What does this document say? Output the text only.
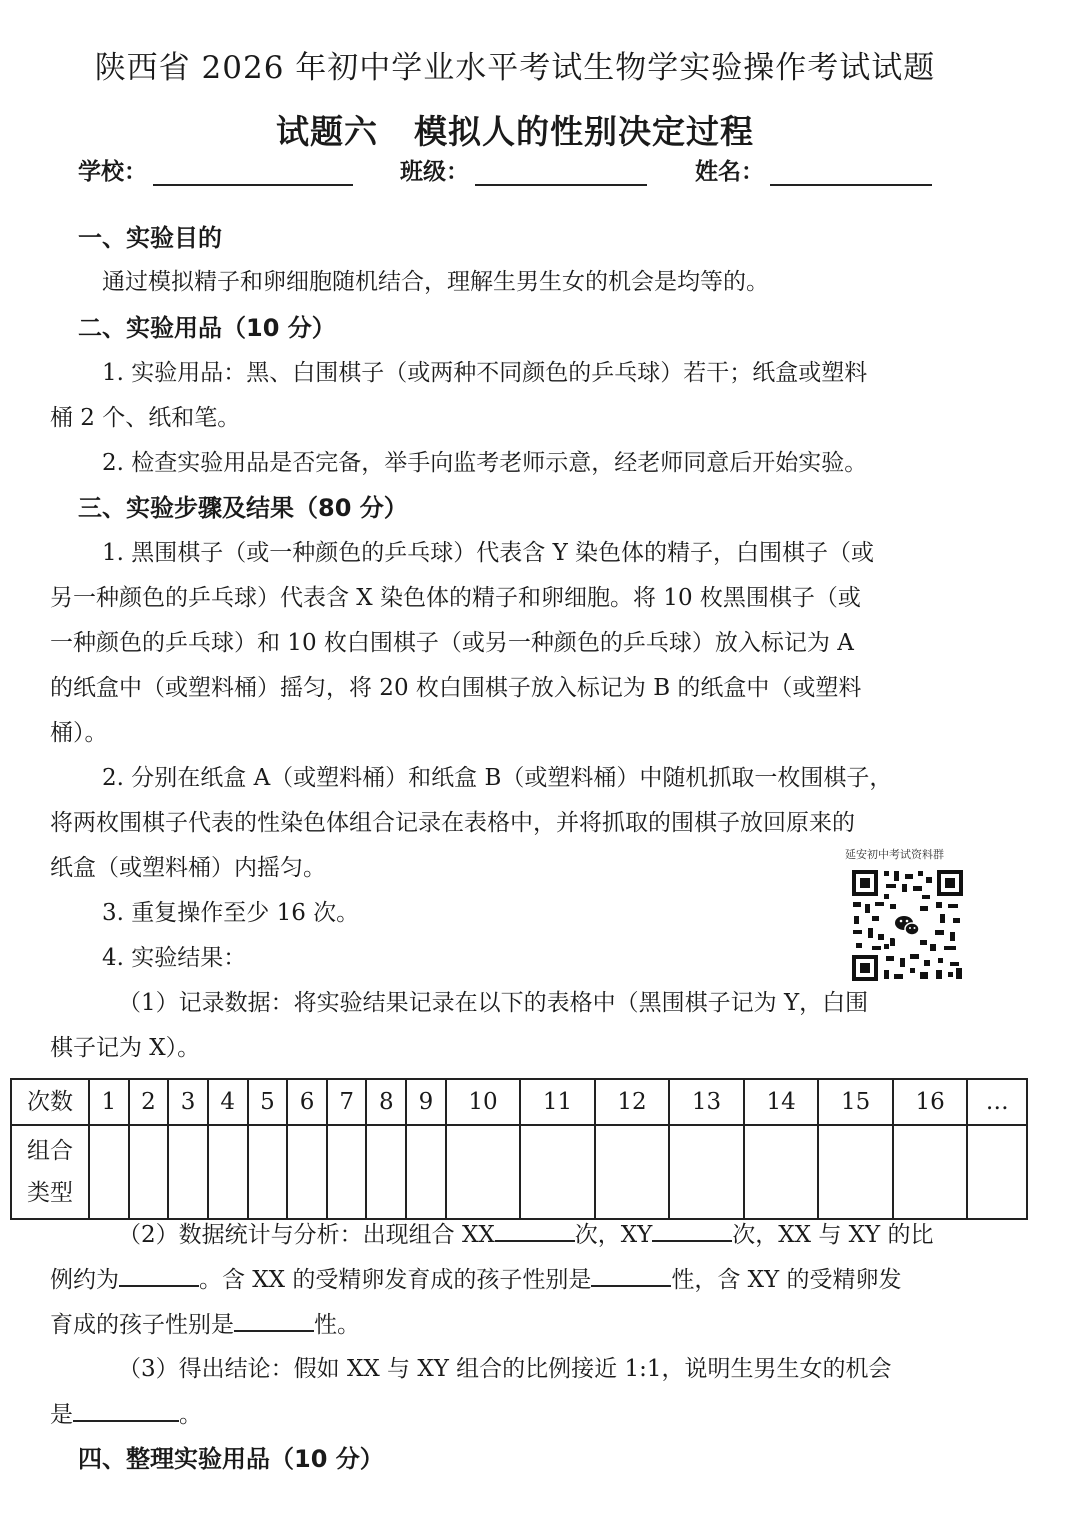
陕西省 2026 年初中学业水平考试生物学实验操作考试试题
试题六 模拟人的性别决定过程
学校：	班级：	姓名：
一、实验目的
通过模拟精子和卵细胞随机结合，理解生男生女的机会是均等的。
二、实验用品（10 分）
1. 实验用品：黑、白围棋子（或两种不同颜色的乒乓球）若干；纸盒或塑料
桶 2 个、纸和笔。
2. 检查实验用品是否完备，举手向监考老师示意，经老师同意后开始实验。
三、实验步骤及结果（80 分）
1. 黑围棋子（或一种颜色的乒乓球）代表含 Y 染色体的精子，白围棋子（或
另一种颜色的乒乓球）代表含 X 染色体的精子和卵细胞。将 10 枚黑围棋子（或
一种颜色的乒乓球）和 10 枚白围棋子（或另一种颜色的乒乓球）放入标记为 A
的纸盒中（或塑料桶）摇匀，将 20 枚白围棋子放入标记为 B 的纸盒中（或塑料
桶）。
2. 分别在纸盒 A（或塑料桶）和纸盒 B（或塑料桶）中随机抓取一枚围棋子，
将两枚围棋子代表的性染色体组合记录在表格中，并将抓取的围棋子放回原来的
纸盒（或塑料桶）内摇匀。
3. 重复操作至少 16 次。
4. 实验结果：
延安初中考试资料群
（1）记录数据：将实验结果记录在以下的表格中（黑围棋子记为 Y，白围
棋子记为 X）。
次数	1	2	3	4	5	6	7	8	9	10	11	12	13	14	15	16	…
组合
类型																	
（2）数据统计与分析：出现组合 XX	次，XY	次，XX 与 XY 的比
例约为	。含 XX 的受精卵发育成的孩子性别是	性，含 XY 的受精卵发
育成的孩子性别是	性。
（3）得出结论：假如 XX 与 XY 组合的比例接近 1:1，说明生男生女的机会
是	。
四、整理实验用品（10 分）
